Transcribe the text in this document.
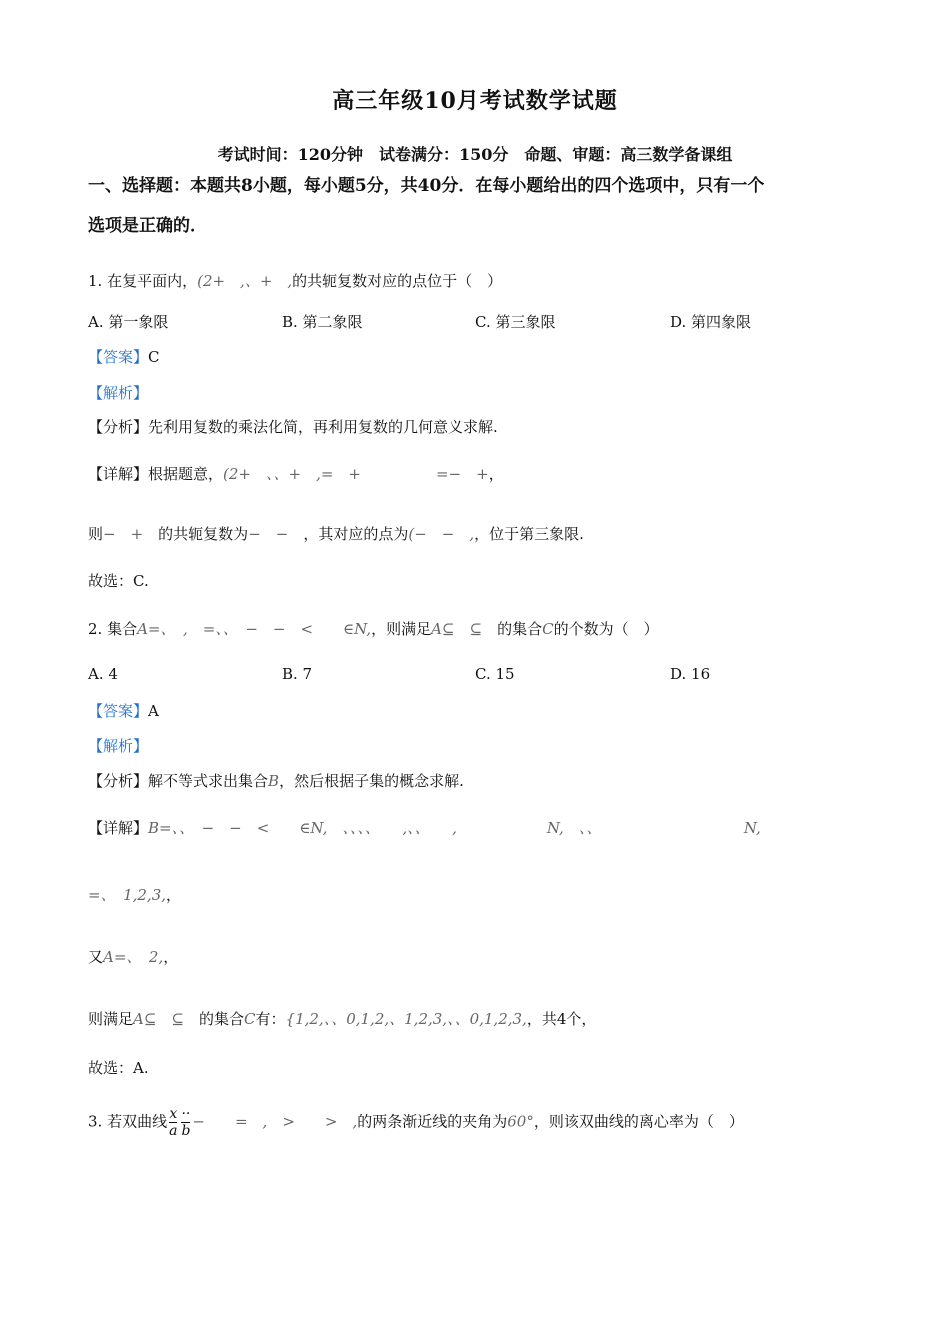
高三年级10月考试数学试题
考试时间：120分钟　试卷满分：150分　命题、审题：高三数学备课组
一、选择题：本题共8小题，每小题5分，共40分．在每小题给出的四个选项中，只有一个
选项是正确的．
1. 在复平面内，(2+　,、+　,的共轭复数对应的点位于（　）
A. 第一象限	B. 第二象限	C. 第三象限	D. 第四象限
【答案】C
【解析】
【分析】先利用复数的乘法化简，再利用复数的几何意义求解.
【详解】根据题意，(2+　、、+　,=　+　　　　　=−　+，
则−　+　 的共轭复数为−　−　 ，其对应的点为(−　−　,，位于第三象限.
故选：C.
2. 集合A=、　,　=、、　−　−　<　　∈N,，则满足A⊆　⊆　 的集合C的个数为（　）
A. 4	B. 7	C. 15	D. 16
【答案】A
【解析】
【分析】解不等式求出集合B，然后根据子集的概念求解.
【详解】B=、、　−　−　<　　∈N,　、、、、　　,、、　　,　　　　　　N,　、、　　　　　　　　　　N,
=、　1,2,3,，
又A=、　2,，
则满足A⊆　⊆　 的集合C有：{1,2,、、0,1,2,、1,2,3,、、0,1,2,3,，共4个，
故选：A.
3. 若双曲线 $\frac{x}{a} \frac{\cdot\cdot}{b}$ −　　=　,　>　　>　,的两条渐近线的夹角为60°，则该双曲线的离心率为（　）
